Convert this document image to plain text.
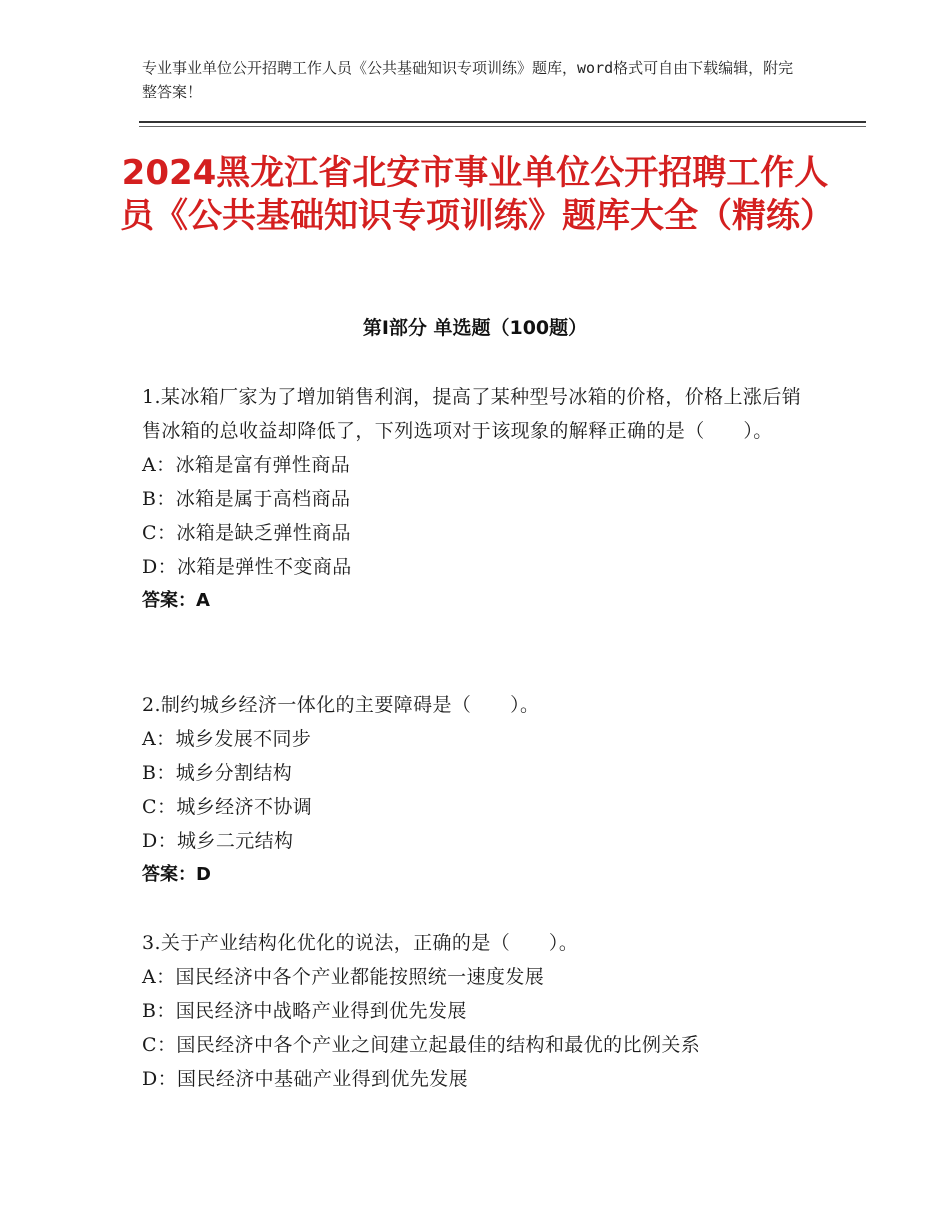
专业事业单位公开招聘工作人员《公共基础知识专项训练》题库，word格式可自由下载编辑，附完整答案！
2024黑龙江省北安市事业单位公开招聘工作人员《公共基础知识专项训练》题库大全（精练）
第Ⅰ部分 单选题（100题）
1.某冰箱厂家为了增加销售利润，提高了某种型号冰箱的价格，价格上涨后销售冰箱的总收益却降低了，下列选项对于该现象的解释正确的是（　　）。
A：冰箱是富有弹性商品
B：冰箱是属于高档商品
C：冰箱是缺乏弹性商品
D：冰箱是弹性不变商品
答案：A
2.制约城乡经济一体化的主要障碍是（　　）。
A：城乡发展不同步
B：城乡分割结构
C：城乡经济不协调
D：城乡二元结构
答案：D
3.关于产业结构化优化的说法，正确的是（　　）。
A：国民经济中各个产业都能按照统一速度发展
B：国民经济中战略产业得到优先发展
C：国民经济中各个产业之间建立起最佳的结构和最优的比例关系
D：国民经济中基础产业得到优先发展
